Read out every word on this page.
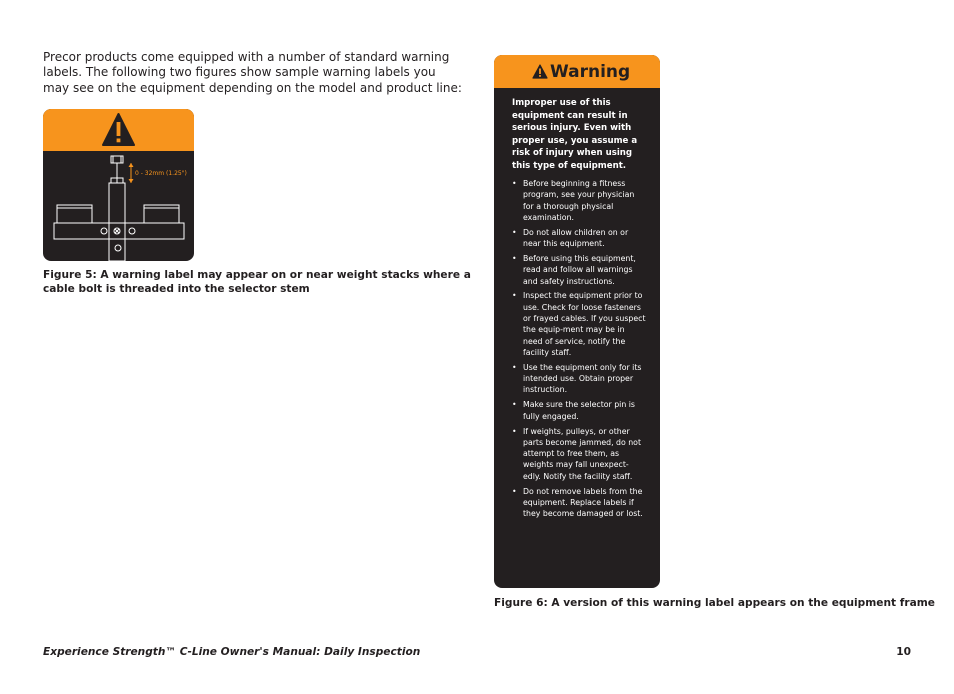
Precor products come equipped with a number of standard warning labels. The following two figures show sample warning labels you may see on the equipment depending on the model and product line:

0 - 32mm (1.25")

Figure 5: A warning label may appear on or near weight stacks where a cable bolt is threaded into the selector stem

Warning

Improper use of this equipment can result in serious injury. Even with proper use, you assume a risk of injury when using this type of equipment.

• Before beginning a fitness program, see your physician for a thorough physical examination.
• Do not allow children on or near this equipment.
• Before using this equipment, read and follow all warnings and safety instructions.
• Inspect the equipment prior to use. Check for loose fasteners or frayed cables. If you suspect the equip-ment may be in need of service, notify the facility staff.
• Use the equipment only for its intended use. Obtain proper instruction.
• Make sure the selector pin is fully engaged.
• If weights, pulleys, or other parts become jammed, do not attempt to free them, as weights may fall unexpect-edly. Notify the facility staff.
• Do not remove labels from the equipment. Replace labels if they become damaged or lost.

Figure 6: A version of this warning label appears on the equipment frame

Experience Strength™ C-Line Owner's Manual: Daily Inspection	10
